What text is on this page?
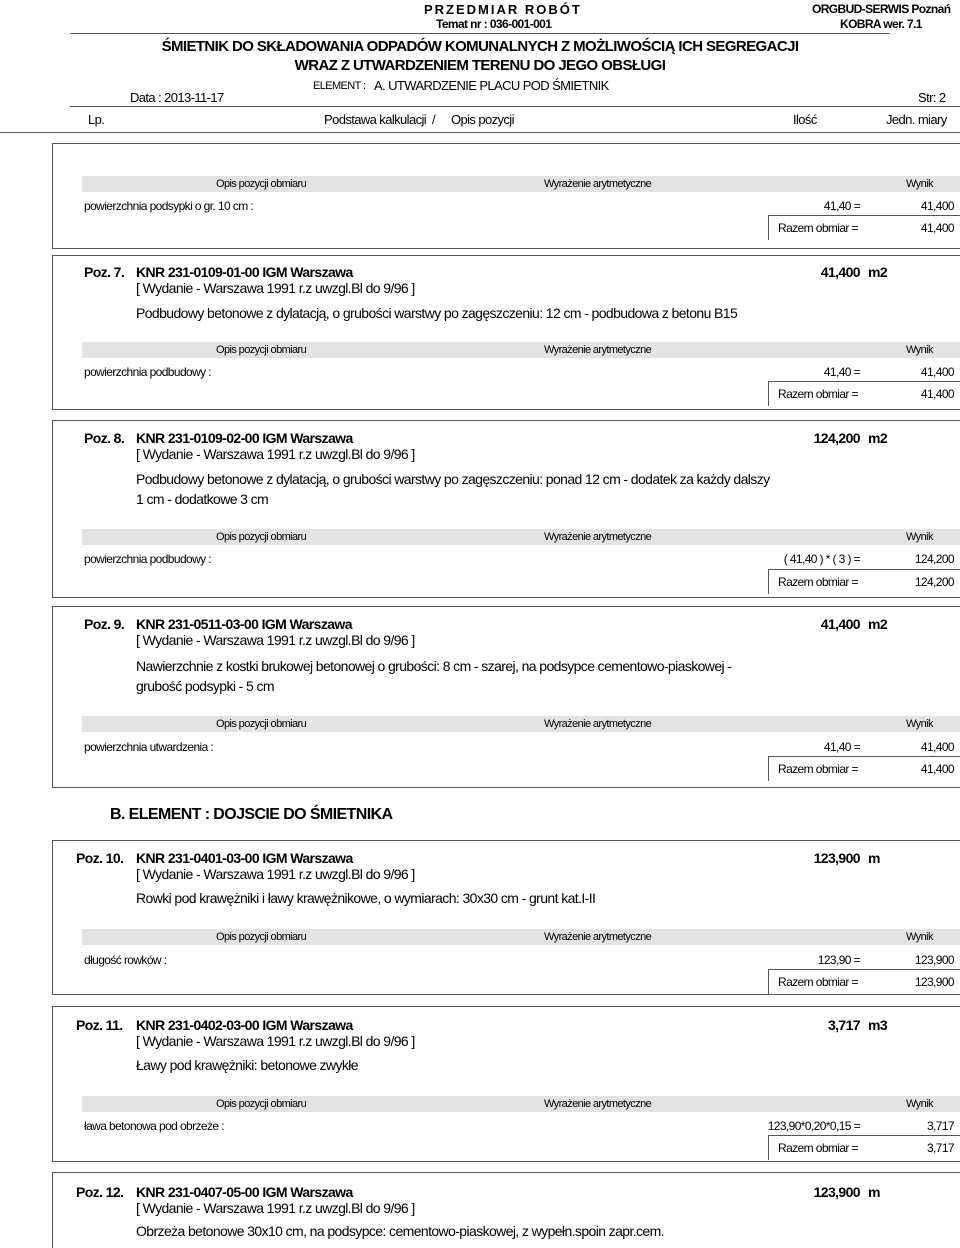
PRZEDMIAR ROBÓT
Temat nr : 036-001-001
ORGBUD-SERWIS Poznań
KOBRA wer. 7.1
ŚMIETNIK DO SKŁADOWANIA ODPADÓW KOMUNALNYCH Z MOŻLIWOŚCIĄ ICH SEGREGACJI
WRAZ Z UTWARDZENIEM TERENU DO JEGO OBSŁUGI
ELEMENT : A. UTWARDZENIE PLACU POD ŚMIETNIK
Data : 2013-11-17	Str: 2
Lp.	Podstawa kalkulacji / Opis pozycji	Ilość	Jedn. miary
Opis pozycji obmiaru	Wyrażenie arytmetyczne	Wynik
powierzchnia podsypki o gr. 10 cm :	41,40 =	41,400
Razem obmiar =	41,400
Poz. 7. KNR 231-0109-01-00 IGM Warszawa	41,400 m2
[ Wydanie - Warszawa 1991 r.z uwzgl.Bl do 9/96 ]
Podbudowy betonowe z dylatacją, o grubości warstwy po zagęszczeniu: 12 cm - podbudowa z betonu B15
Opis pozycji obmiaru	Wyrażenie arytmetyczne	Wynik
powierzchnia podbudowy :	41,40 =	41,400
Razem obmiar =	41,400
Poz. 8. KNR 231-0109-02-00 IGM Warszawa	124,200 m2
[ Wydanie - Warszawa 1991 r.z uwzgl.Bl do 9/96 ]
Podbudowy betonowe z dylatacją, o grubości warstwy po zagęszczeniu: ponad 12 cm - dodatek za każdy dalszy
1 cm - dodatkowe 3 cm
Opis pozycji obmiaru	Wyrażenie arytmetyczne	Wynik
powierzchnia podbudowy :	( 41,40 ) * ( 3 ) =	124,200
Razem obmiar =	124,200
Poz. 9. KNR 231-0511-03-00 IGM Warszawa	41,400 m2
[ Wydanie - Warszawa 1991 r.z uwzgl.Bl do 9/96 ]
Nawierzchnie z kostki brukowej betonowej o grubości: 8 cm - szarej, na podsypce cementowo-piaskowej -
grubość podsypki - 5 cm
Opis pozycji obmiaru	Wyrażenie arytmetyczne	Wynik
powierzchnia utwardzenia :	41,40 =	41,400
Razem obmiar =	41,400
B. ELEMENT : DOJSCIE DO ŚMIETNIKA
Poz. 10. KNR 231-0401-03-00 IGM Warszawa	123,900 m
[ Wydanie - Warszawa 1991 r.z uwzgl.Bl do 9/96 ]
Rowki pod krawężniki i ławy krawężnikowe, o wymiarach: 30x30 cm - grunt kat.I-II
Opis pozycji obmiaru	Wyrażenie arytmetyczne	Wynik
długość rowków :	123,90 =	123,900
Razem obmiar =	123,900
Poz. 11. KNR 231-0402-03-00 IGM Warszawa	3,717 m3
[ Wydanie - Warszawa 1991 r.z uwzgl.Bl do 9/96 ]
Ławy pod krawężniki: betonowe zwykłe
Opis pozycji obmiaru	Wyrażenie arytmetyczne	Wynik
ława betonowa pod obrzeże :	123,90*0,20*0,15 =	3,717
Razem obmiar =	3,717
Poz. 12. KNR 231-0407-05-00 IGM Warszawa	123,900 m
[ Wydanie - Warszawa 1991 r.z uwzgl.Bl do 9/96 ]
Obrzeża betonowe 30x10 cm, na podsypce: cementowo-piaskowej, z wypełn.spoin zapr.cem.
